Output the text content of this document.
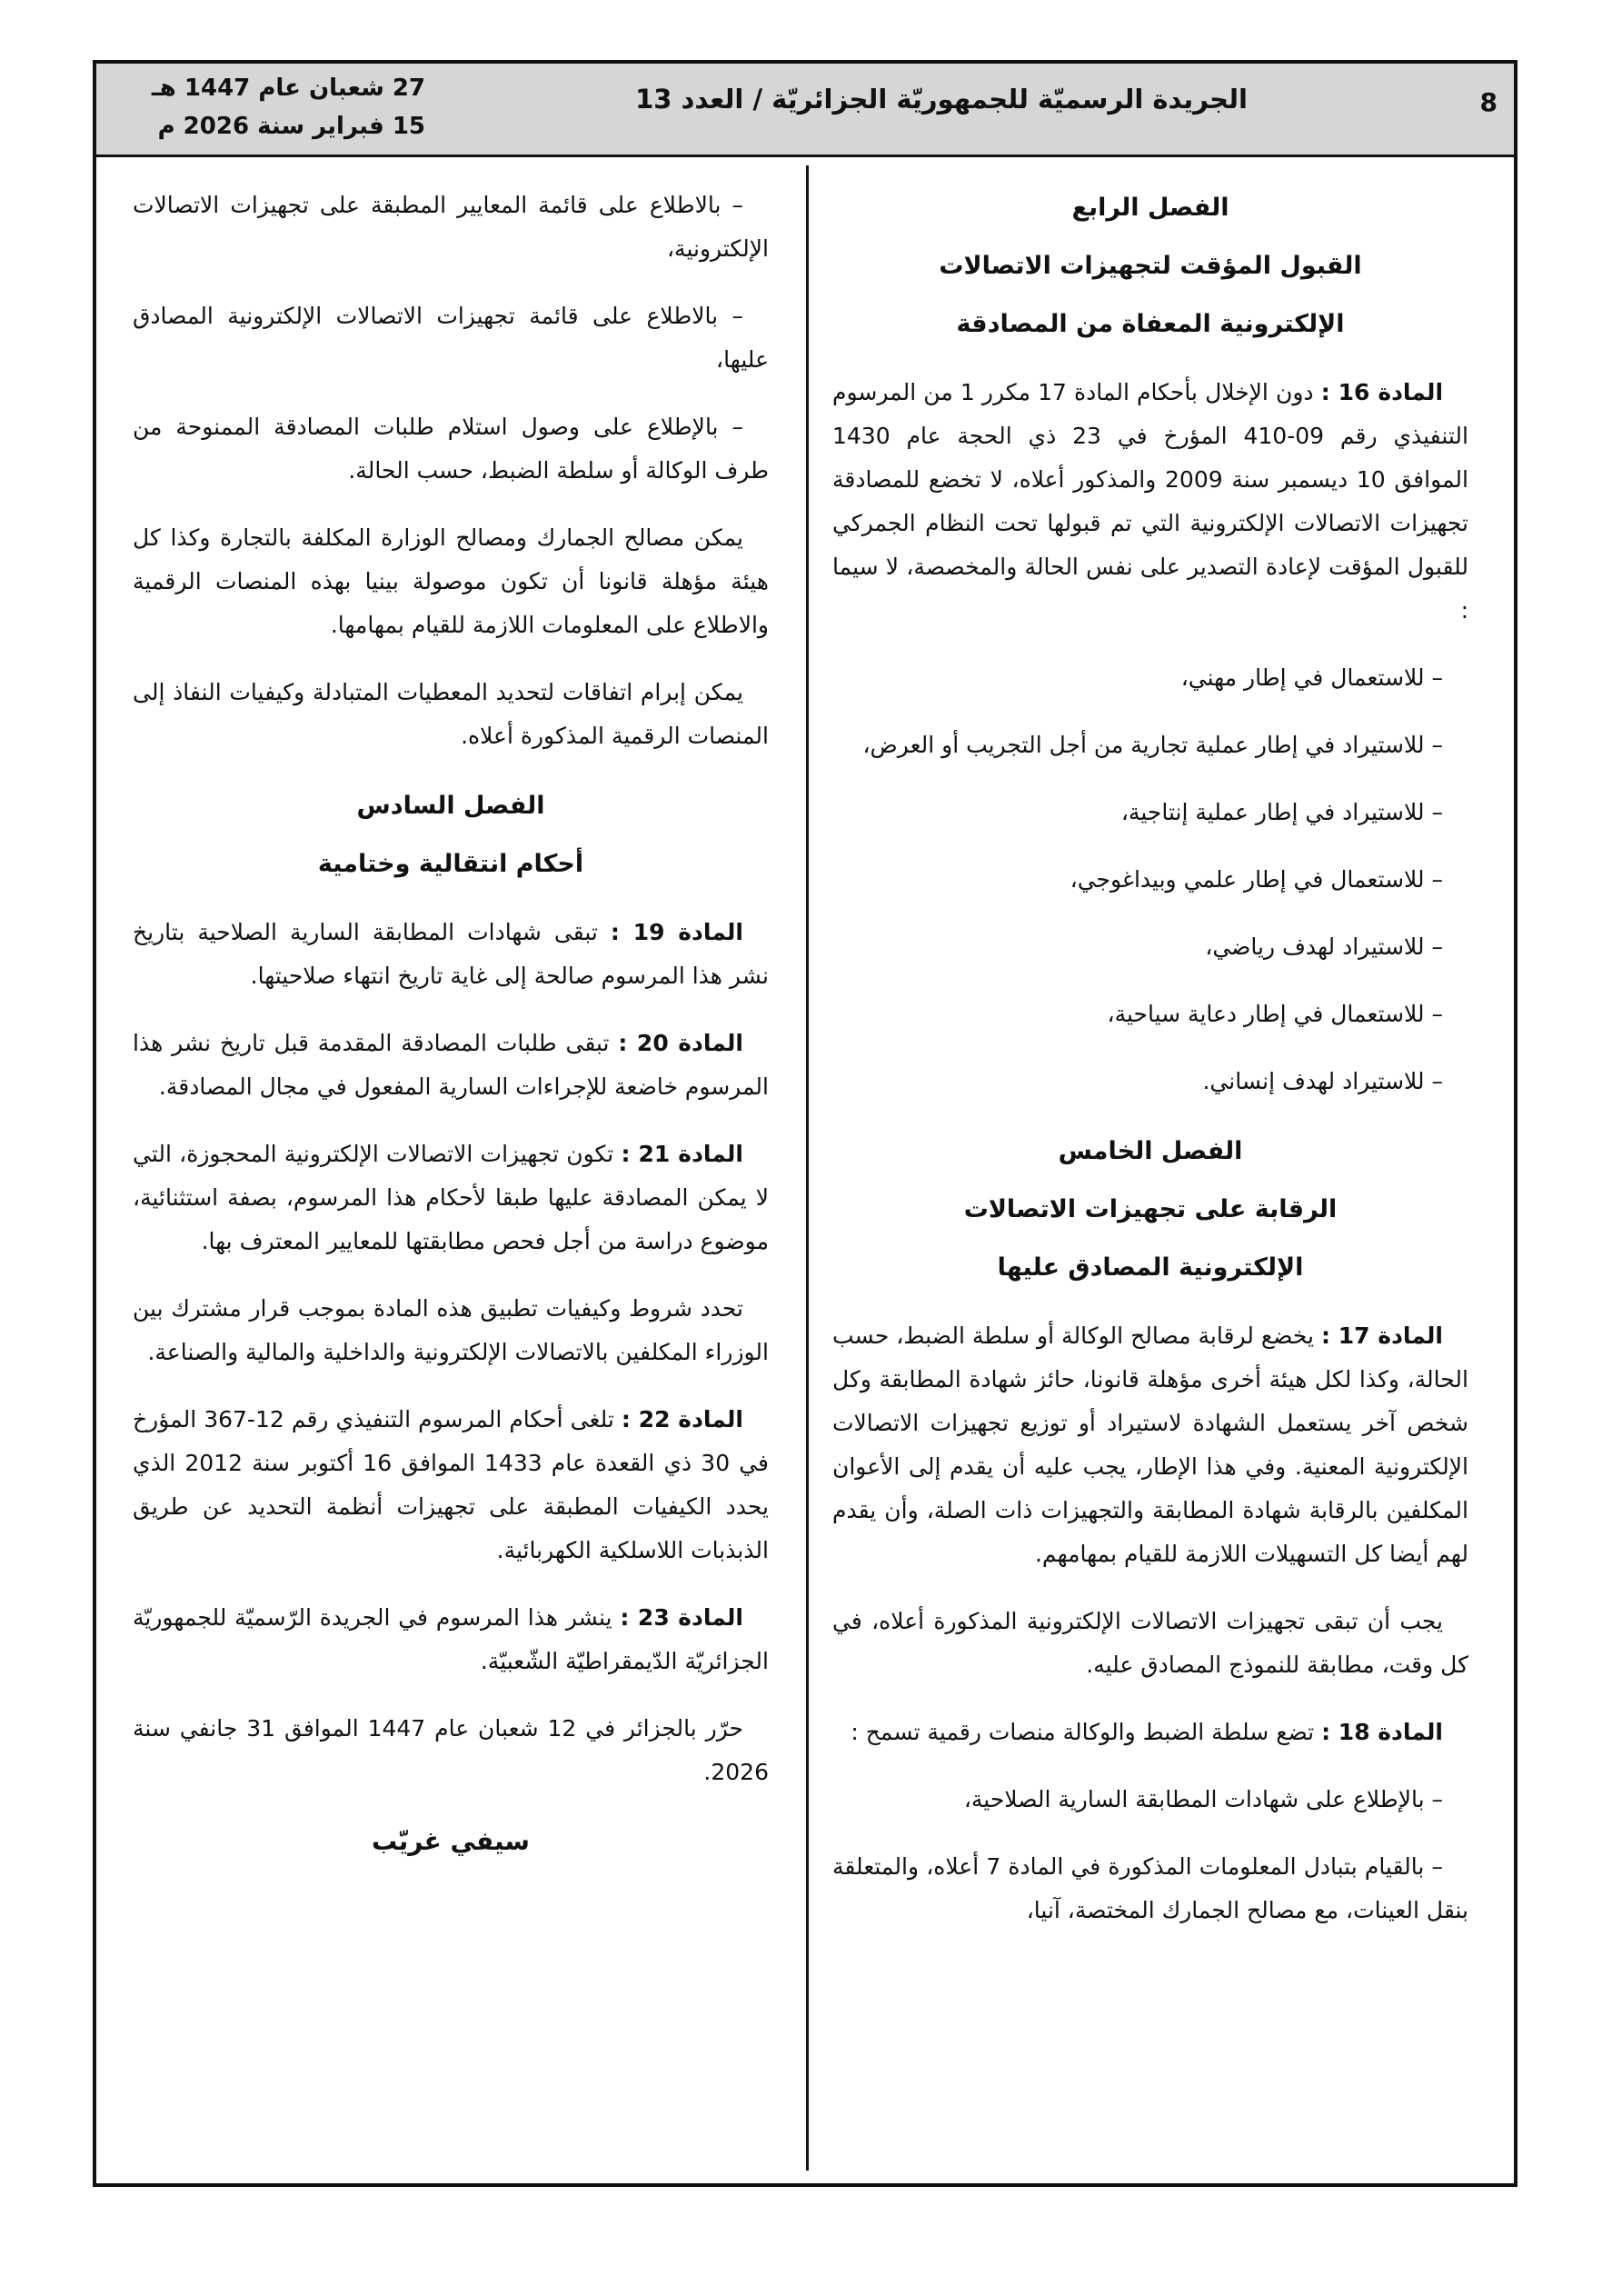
8
الجريدة الرسميّة للجمهوريّة الجزائريّة / العدد 13
27 شعبان عام 1447 هـ
15 فبراير سنة 2026 م
الفصل الرابع
القبول المؤقت لتجهيزات الاتصالات
الإلكترونية المعفاة من المصادقة

المادة 16 : دون الإخلال بأحكام المادة 17 مكرر 1 من المرسوم التنفيذي رقم 09-410 المؤرخ في 23 ذي الحجة عام 1430 الموافق 10 ديسمبر سنة 2009 والمذكور أعلاه، لا تخضع للمصادقة تجهيزات الاتصالات الإلكترونية التي تم قبولها تحت النظام الجمركي للقبول المؤقت لإعادة التصدير على نفس الحالة والمخصصة، لا سيما :

– للاستعمال في إطار مهني،

– للاستيراد في إطار عملية تجارية من أجل التجريب أو العرض،

– للاستيراد في إطار عملية إنتاجية،

– للاستعمال في إطار علمي وبيداغوجي،

– للاستيراد لهدف رياضي،

– للاستعمال في إطار دعاية سياحية،

– للاستيراد لهدف إنساني.

الفصل الخامس
الرقابة على تجهيزات الاتصالات
الإلكترونية المصادق عليها

المادة 17 : يخضع لرقابة مصالح الوكالة أو سلطة الضبط، حسب الحالة، وكذا لكل هيئة أخرى مؤهلة قانونا، حائز شهادة المطابقة وكل شخص آخر يستعمل الشهادة لاستيراد أو توزيع تجهيزات الاتصالات الإلكترونية المعنية. وفي هذا الإطار، يجب عليه أن يقدم إلى الأعوان المكلفين بالرقابة شهادة المطابقة والتجهيزات ذات الصلة، وأن يقدم لهم أيضا كل التسهيلات اللازمة للقيام بمهامهم.

يجب أن تبقى تجهيزات الاتصالات الإلكترونية المذكورة أعلاه، في كل وقت، مطابقة للنموذج المصادق عليه.

المادة 18 : تضع سلطة الضبط والوكالة منصات رقمية تسمح :

– بالإطلاع على شهادات المطابقة السارية الصلاحية،

– بالقيام بتبادل المعلومات المذكورة في المادة 7 أعلاه، والمتعلقة بنقل العينات، مع مصالح الجمارك المختصة، آنيا،

– بالاطلاع على قائمة المعايير المطبقة على تجهيزات الاتصالات الإلكترونية،

– بالاطلاع على قائمة تجهيزات الاتصالات الإلكترونية المصادق عليها،

– بالإطلاع على وصول استلام طلبات المصادقة الممنوحة من طرف الوكالة أو سلطة الضبط، حسب الحالة.

يمكن مصالح الجمارك ومصالح الوزارة المكلفة بالتجارة وكذا كل هيئة مؤهلة قانونا أن تكون موصولة بينيا بهذه المنصات الرقمية والاطلاع على المعلومات اللازمة للقيام بمهامها.

يمكن إبرام اتفاقات لتحديد المعطيات المتبادلة وكيفيات النفاذ إلى المنصات الرقمية المذكورة أعلاه.

الفصل السادس
أحكام انتقالية وختامية

المادة 19 : تبقى شهادات المطابقة السارية الصلاحية بتاريخ نشر هذا المرسوم صالحة إلى غاية تاريخ انتهاء صلاحيتها.

المادة 20 : تبقى طلبات المصادقة المقدمة قبل تاريخ نشر هذا المرسوم خاضعة للإجراءات السارية المفعول في مجال المصادقة.

المادة 21 : تكون تجهيزات الاتصالات الإلكترونية المحجوزة، التي لا يمكن المصادقة عليها طبقا لأحكام هذا المرسوم، بصفة استثنائية، موضوع دراسة من أجل فحص مطابقتها للمعايير المعترف بها.

تحدد شروط وكيفيات تطبيق هذه المادة بموجب قرار مشترك بين الوزراء المكلفين بالاتصالات الإلكترونية والداخلية والمالية والصناعة.

المادة 22 : تلغى أحكام المرسوم التنفيذي رقم 12-367 المؤرخ في 30 ذي القعدة عام 1433 الموافق 16 أكتوبر سنة 2012 الذي يحدد الكيفيات المطبقة على تجهيزات أنظمة التحديد عن طريق الذبذبات اللاسلكية الكهربائية.

المادة 23 : ينشر هذا المرسوم في الجريدة الرّسميّة للجمهوريّة الجزائريّة الدّيمقراطيّة الشّعبيّة.

حرّر بالجزائر في 12 شعبان عام 1447 الموافق 31 جانفي سنة 2026.

سيفي غريّب
